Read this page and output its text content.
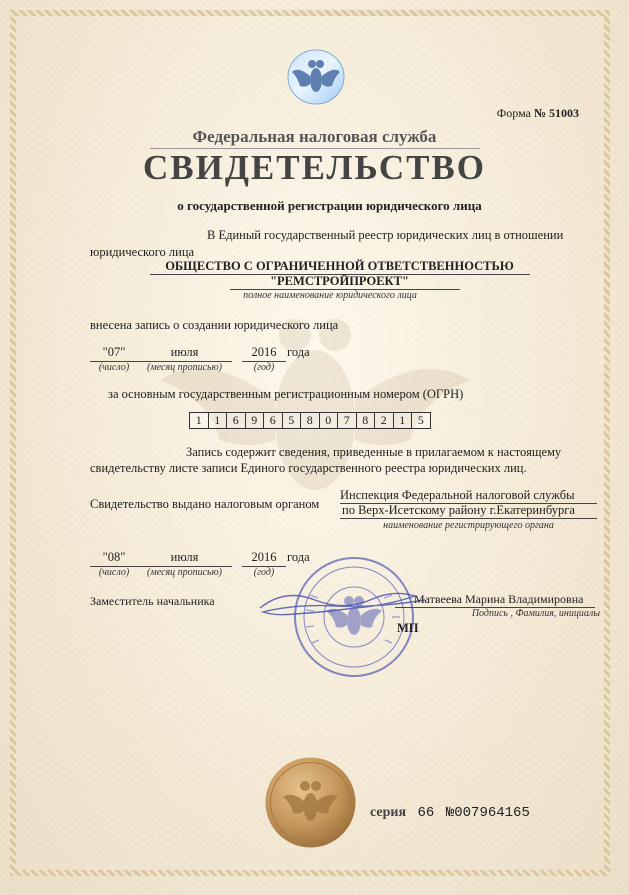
Форма № 51003
Федеральная налоговая служба
СВИДЕТЕЛЬСТВО
о государственной регистрации юридического лица
В Единый государственный реестр юридических лиц в отношении
юридического лица
ОБЩЕСТВО С ОГРАНИЧЕННОЙ ОТВЕТСТВЕННОСТЬЮ
"РЕМСТРОЙПРОЕКТ"
полное наименование юридического лица
внесена запись о создании юридического лица
"07"
(число)
июля
(месяц прописью)
2016 года
(год)
за основным государственным регистрационным номером (ОГРН)
1	1	6	9	6	5	8	0	7	8	2	1	5
Запись содержит сведения, приведенные в прилагаемом к настоящему
свидетельству листе записи Единого государственного реестра юридических лиц.
Свидетельство выдано налоговым органом
Инспекция Федеральной налоговой службы
по Верх-Исетскому району г.Екатеринбурга
наименование регистрирующего органа
"08"
(число)
июля
(месяц прописью)
2016 года
(год)
Заместитель начальника	Матвеева Марина Владимировна
Подпись , Фамилия, инициалы
МП
серия 66 №007964165
